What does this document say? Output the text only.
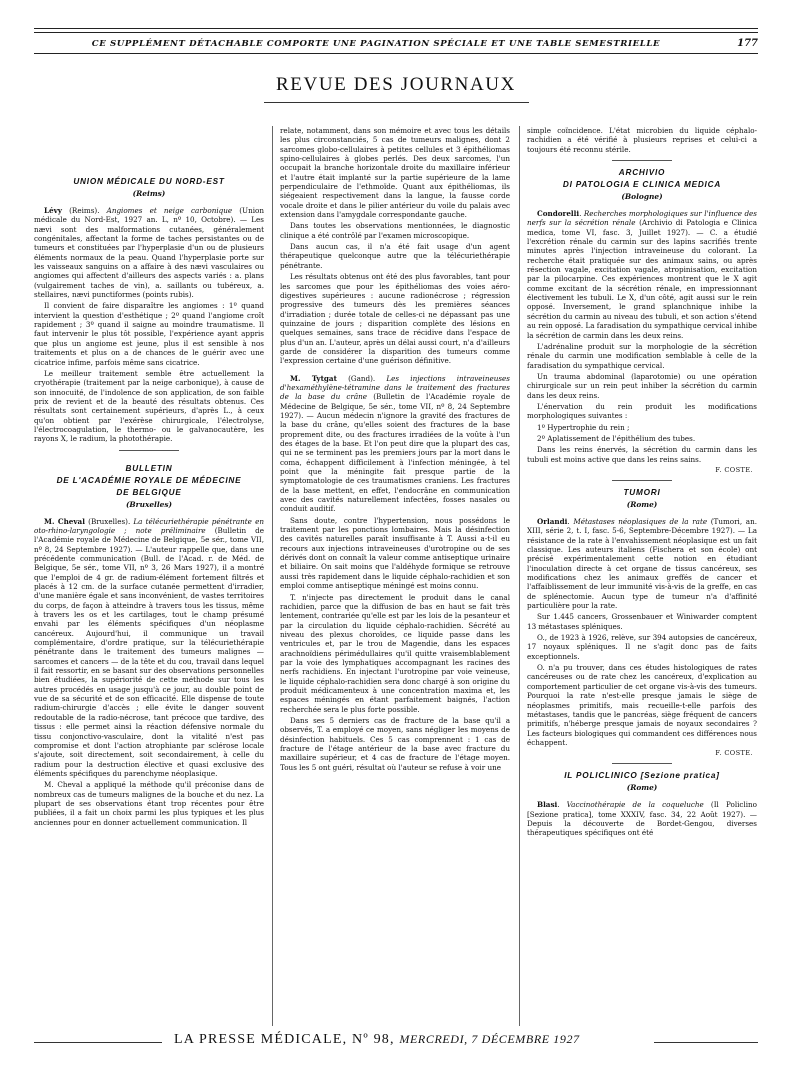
CE SUPPLÉMENT DÉTACHABLE COMPORTE UNE PAGINATION SPÉCIALE ET UNE TABLE SEMESTRIELLE	177
REVUE DES JOURNAUX
UNION MÉDICALE DU NORD-EST
(Reims)

Lévy (Reims). Angiomes et neige carbonique (Union médicale du Nord-Est, 1927 an. L, nº 10, Octobre). — Les nævi sont des malformations cutanées, généralement congénitales, affectant la forme de taches persistantes ou de tumeurs et constituées par l'hyperplasie d'un ou de plusieurs éléments normaux de la peau. Quand l'hyperplasie porte sur les vaisseaux sanguins on a affaire à des nævi vasculaires ou angiomes qui affectent d'ailleurs des aspects variés : a. plans (vulgairement taches de vin), a. saillants ou tubéreux, a. stellaires, nævi punctiformes (points rubis).

Il convient de faire disparaître les angiomes : 1º quand intervient la question d'esthétique ; 2º quand l'angiome croît rapidement ; 3º quand il saigne au moindre traumatisme. Il faut intervenir le plus tôt possible, l'expérience ayant appris que plus un angiome est jeune, plus il est sensible à nos traitements et plus on a de chances de le guérir avec une cicatrice infime, parfois même sans cicatrice.

Le meilleur traitement semble être actuellement la cryothérapie (traitement par la neige carbonique), à cause de son innocuité, de l'indolence de son application, de son faible prix de revient et de la beauté des résultats obtenus. Ces résultats sont certainement supérieurs, d'après L., à ceux qu'on obtient par l'exérèse chirurgicale, l'électrolyse, l'électrocoagulation, le thermo- ou le galvanocautère, les rayons X, le radium, la photothérapie.

BULLETIN
DE L'ACADÉMIE ROYALE DE MÉDECINE
DE BELGIQUE
(Bruxelles)

M. Cheval (Bruxelles). La télécuriethérapie pénétrante en oto-rhino-laryngologie ; note préliminaire (Bulletin de l'Académie royale de Médecine de Belgique, 5e sér., tome VII, nº 8, 24 Septembre 1927). — L'auteur rappelle que, dans une précédente communication (Bull. de l'Acad. r. de Méd. de Belgique, 5e sér., tome VII, nº 3, 26 Mars 1927), il a montré que l'emploi de 4 gr. de radium-élément fortement filtrés et placés à 12 cm. de la surface cutanée permettent d'irradier, d'une manière égale et sans inconvénient, de vastes territoires du corps, de façon à atteindre à travers tous les tissus, même à travers les os et les cartilages, tout le champ présumé envahi par les éléments spécifiques d'un néoplasme cancéreux. Aujourd'hui, il communique un travail complémentaire, d'ordre pratique, sur la télécuriethérapie pénétrante dans le traitement des tumeurs malignes — sarcomes et cancers — de la tête et du cou, travail dans lequel il fait ressortir, en se basant sur des observations personnelles bien étudiées, la supériorité de cette méthode sur tous les autres procédés en usage jusqu'à ce jour, au double point de vue de sa sécurité et de son efficacité. Elle dispense de toute radium-chirurgie d'accès ; elle évite le danger souvent redoutable de la radio-nécrose, tant précoce que tardive, des tissus : elle permet ainsi la réaction défensive normale du tissu conjonctivo-vasculaire, dont la vitalité n'est pas compromise et dont l'action atrophiante par sclérose locale s'ajoute, soit directement, soit secondairement, à celle du radium pour la destruction élective et quasi exclusive des éléments spécifiques du parenchyme néoplasique.

M. Cheval a appliqué la méthode qu'il préconise dans de nombreux cas de tumeurs malignes de la bouche et du nez. La plupart de ses observations étant trop récentes pour être publiées, il a fait un choix parmi les plus typiques et les plus anciennes pour en donner actuellement communication. Il

relate, notamment, dans son mémoire et avec tous les détails les plus circonstanciés, 5 cas de tumeurs malignes, dont 2 sarcomes globo-cellulaires à petites cellules et 3 épithéliomas spino-cellulaires à globes perlés. Des deux sarcomes, l'un occupait la branche horizontale droite du maxillaire inférieur et l'autre était implanté sur la partie supérieure de la lame perpendiculaire de l'ethmoïde. Quant aux épithéliomas, ils siégeaient respectivement dans la langue, la fausse corde vocale droite et dans le pilier antérieur du voile du palais avec extension dans l'amygdale correspondante gauche.

Dans toutes les observations mentionnées, le diagnostic clinique a été contrôlé par l'examen microscopique.

Dans aucun cas, il n'a été fait usage d'un agent thérapeutique quelconque autre que la télécuriethérapie pénétrante.

Les résultats obtenus ont été des plus favorables, tant pour les sarcomes que pour les épithéliomas des voies aéro-digestives supérieures : aucune radionécrose ; régression progressive des tumeurs dès les premières séances d'irradiation ; durée totale de celles-ci ne dépassant pas une quinzaine de jours ; disparition complète des lésions en quelques semaines, sans trace de récidive dans l'espace de plus d'un an. L'auteur, après un délai aussi court, n'a d'ailleurs garde de considérer la disparition des tumeurs comme l'expression certaine d'une guérison définitive.

M. Tytgat (Gand). Les injections intraveineuses d'hexaméthylène-tétramine dans le traitement des fractures de la base du crâne (Bulletin de l'Académie royale de Médecine de Belgique, 5e sér., tome VII, nº 8, 24 Septembre 1927). — Aucun médecin n'ignore la gravité des fractures de la base du crâne, qu'elles soient des fractures de la base proprement dite, ou des fractures irradiées de la voûte à l'un des étages de la base. Et l'on peut dire que la plupart des cas, qui ne se terminent pas les premiers jours par la mort dans le coma, échappent difficilement à l'infection méningée, à tel point que la méningite fait presque partie de la symptomatologie de ces traumatismes craniens. Les fractures de la base mettent, en effet, l'endocrâne en communication avec des cavités naturellement infectées, fosses nasales ou conduit auditif.

Sans doute, contre l'hypertension, nous possédons le traitement par les ponctions lombaires. Mais la désinfection des cavités naturelles paraît insuffisante à T. Aussi a-t-il eu recours aux injections intraveineuses d'urotropine ou de ses dérivés dont on connaît la valeur comme antiseptique urinaire et biliaire. On sait moins que l'aldéhyde formique se retrouve aussi très rapidement dans le liquide céphalo-rachidien et son emploi comme antiseptique méningé est moins connu.

T. n'injecte pas directement le produit dans le canal rachidien, parce que la diffusion de bas en haut se fait très lentement, contrariée qu'elle est par les lois de la pesanteur et par la circulation du liquide céphalo-rachidien. Sécrété au niveau des plexus choroïdes, ce liquide passe dans les ventricules et, par le trou de Magendie, dans les espaces arachnoïdiens périmédullaires qu'il quitte vraisemblablement par la voie des lymphatiques accompagnant les racines des nerfs rachidiens. En injectant l'urotropine par voie veineuse, le liquide céphalo-rachidien sera donc chargé à son origine du produit médicamenteux à une concentration maxima et, les espaces méningés en étant parfaitement baignés, l'action recherchée sera le plus forte possible.

Dans ses 5 derniers cas de fracture de la base qu'il a observés, T. a employé ce moyen, sans négliger les moyens de désinfection habituels. Ces 5 cas comprennent : 1 cas de fracture de l'étage antérieur de la base avec fracture du maxillaire supérieur, et 4 cas de fracture de l'étage moyen. Tous les 5 ont guéri, résultat où l'auteur se refuse à voir une

simple coïncidence. L'état microbien du liquide céphalo-rachidien a été vérifié à plusieurs reprises et celui-ci a toujours été reconnu stérile.

ARCHIVIO
DI PATOLOGIA E CLINICA MEDICA
(Bologne)

Condorelli. Recherches morphologiques sur l'influence des nerfs sur la sécrétion rénale (Archivio di Patologia e Clinica medica, tome VI, fasc. 3, Juillet 1927). — C. a étudié l'excrétion rénale du carmin sur des lapins sacrifiés trente minutes après l'injection intraveineuse du colorant. La recherche était pratiquée sur des animaux sains, ou après résection vagale, excitation vagale, atropinisation, excitation par la pilocarpine. Ces expériences montrent que le X agit comme excitant de la sécrétion rénale, en impressionnant électivement les tubuli. Le X, d'un côté, agit aussi sur le rein opposé. Inversement, le grand splanchnique inhibe la sécrétion du carmin au niveau des tubuli, et son action s'étend au rein opposé. La faradisation du sympathique cervical inhibe la sécrétion de carmin dans les deux reins.

L'adrénaline produit sur la morphologie de la sécrétion rénale du carmin une modification semblable à celle de la faradisation du sympathique cervical.

Un trauma abdominal (laparotomie) ou une opération chirurgicale sur un rein peut inhiber la sécrétion du carmin dans les deux reins.

L'énervation du rein produit les modifications morphologiques suivantes :

1º Hypertrophie du rein ;

2º Aplatissement de l'épithélium des tubes.

Dans les reins énervés, la sécrétion du carmin dans les tubuli est moins active que dans les reins sains.

F. COSTE.
TUMORI
(Rome)

Orlandi. Métastases néoplasiques de la rate (Tumori, an. XIII, série 2, t. I, fasc. 5-6, Septembre-Décembre 1927). — La résistance de la rate à l'envahissement néoplasique est un fait classique. Les auteurs italiens (Fischera et son école) ont précisé expérimentalement cette notion en étudiant l'inoculation directe à cet organe de tissus cancéreux, ses modifications chez les animaux greffés de cancer et l'affaiblissement de leur immunité vis-à-vis de la greffe, en cas de splénectomie. Aucun type de tumeur n'a d'affinité particulière pour la rate.

Sur 1.445 cancers, Grossenbauer et Winiwarder comptent 13 métastases spléniques.

O., de 1923 à 1926, relève, sur 394 autopsies de cancéreux, 17 noyaux spléniques. Il ne s'agit donc pas de faits exceptionnels.

O. n'a pu trouver, dans ces études histologiques de rates cancéreuses ou de rate chez les cancéreux, d'explication au comportement particulier de cet organe vis-à-vis des tumeurs. Pourquoi la rate n'est-elle presque jamais le siège de néoplasmes primitifs, mais recueille-t-elle parfois des métastases, tandis que le pancréas, siège fréquent de cancers primitifs, n'héberge presque jamais de noyaux secondaires ? Les facteurs biologiques qui commandent ces différences nous échappent.

F. COSTE.
IL POLICLINICO [Sezione pratica]
(Rome)

Blasi. Vaccinothérapie de la coqueluche (Il Policlino [Sezione pratica], tome XXXIV, fasc. 34, 22 Août 1927). — Depuis la découverte de Bordet-Gengou, diverses thérapeutiques spécifiques ont été

LA PRESSE MÉDICALE, Nº 98, MERCREDI, 7 DÉCEMBRE 1927
